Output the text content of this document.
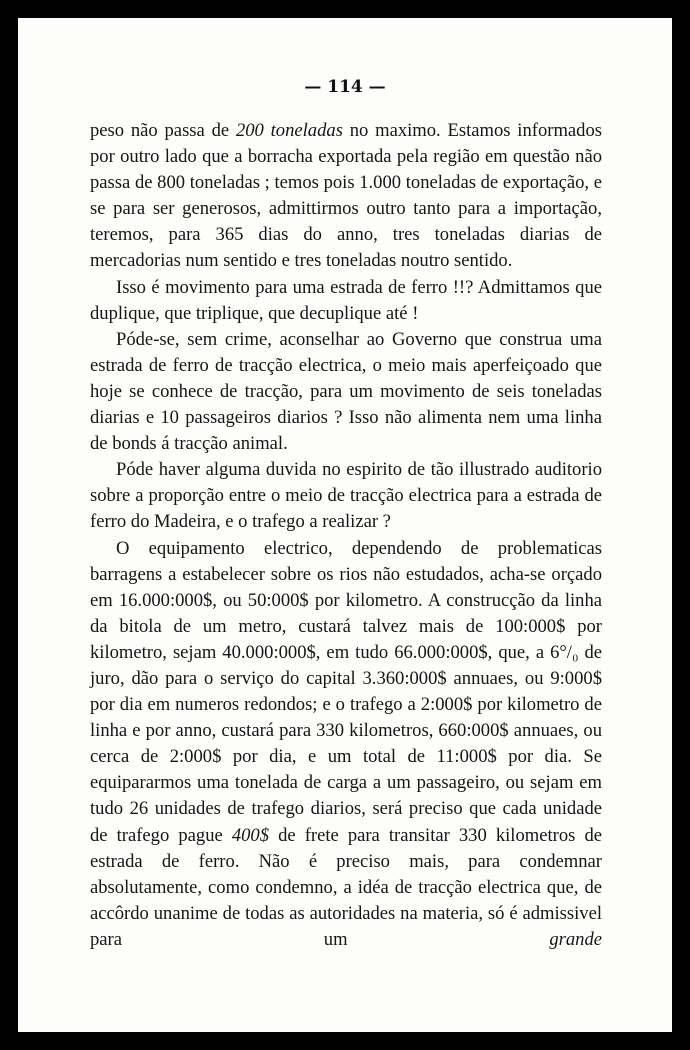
— 114 —

peso não passa de 200 toneladas no maximo. Estamos informados por outro lado que a borracha exportada pela região em questão não passa de 800 toneladas ; temos pois 1.000 toneladas de exportação, e se para ser generosos, admittirmos outro tanto para a importação, teremos, para 365 dias do anno, tres toneladas diarias de mercadorias num sentido e tres toneladas noutro sentido.

Isso é movimento para uma estrada de ferro !!? Admittamos que duplique, que triplique, que decuplique até !

Póde-se, sem crime, aconselhar ao Governo que construa uma estrada de ferro de tracção electrica, o meio mais aperfeiçoado que hoje se conhece de tracção, para um movimento de seis toneladas diarias e 10 passageiros diarios ? Isso não alimenta nem uma linha de bonds á tracção animal.

Póde haver alguma duvida no espirito de tão illustrado auditorio sobre a proporção entre o meio de tracção electrica para a estrada de ferro do Madeira, e o trafego a realizar ?

O equipamento electrico, dependendo de problematicas barragens a estabelecer sobre os rios não estudados, acha-se orçado em 16.000:000$, ou 50:000$ por kilometro. A construcção da linha da bitola de um metro, custará talvez mais de 100:000$ por kilometro, sejam 40.000:000$, em tudo 66.000:000$, que, a 6°/₀ de juro, dão para o serviço do capital 3.360:000$ annuaes, ou 9:000$ por dia em numeros redondos; e o trafego a 2:000$ por kilometro de linha e por anno, custará para 330 kilometros, 660:000$ annuaes, ou cerca de 2:000$ por dia, e um total de 11:000$ por dia. Se equipararmos uma tonelada de carga a um passageiro, ou sejam em tudo 26 unidades de trafego diarios, será preciso que cada unidade de trafego pague 400$ de frete para transitar 330 kilometros de estrada de ferro. Não é preciso mais, para condemnar absolutamente, como condemno, a idéa de tracção electrica que, de accôrdo unanime de todas as autoridades na materia, só é admissivel para um grande
